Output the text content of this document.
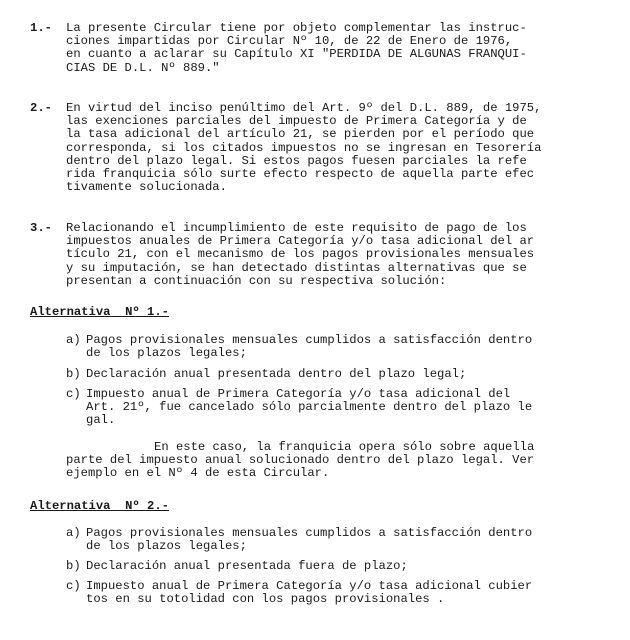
1.-	La presente Circular tiene por objeto complementar las instruc-
ciones impartidas por Circular Nº 10, de 22 de Enero de 1976,
en cuanto a aclarar su Capítulo XI "PERDIDA DE ALGUNAS FRANQUI-
CIAS DE D.L. Nº 889."
2.-	En virtud del inciso penúltimo del Art. 9º del D.L. 889, de 1975,
las exenciones parciales del impuesto de Primera Categoría y de
la tasa adicional del artículo 21, se pierden por el período que
corresponda, si los citados impuestos no se ingresan en Tesorería
dentro del plazo legal. Si estos pagos fuesen parciales la refe
rida franquicia sólo surte efecto respecto de aquella parte efec
tivamente solucionada.
3.-	Relacionando el incumplimiento de este requisito de pago de los
impuestos anuales de Primera Categoría y/o tasa adicional del ar
tículo 21, con el mecanismo de los pagos provisionales mensuales
y su imputación, se han detectado distintas alternativas que se
presentan a continuación con su respectiva solución:
Alternativa  Nº 1.-
a) Pagos provisionales mensuales cumplidos a satisfacción dentro
de los plazos legales;
b) Declaración anual presentada dentro del plazo legal;
c) Impuesto anual de Primera Categoría y/o tasa adicional del
Art. 21º, fue cancelado sólo parcialmente dentro del plazo le
gal.
En este caso, la franquicia opera sólo sobre aquella
parte del impuesto anual solucionado dentro del plazo legal. Ver
ejemplo en el Nº 4 de esta Circular.
Alternativa  Nº 2.-
a) Pagos provisionales mensuales cumplidos a satisfacción dentro
de los plazos legales;
b) Declaración anual presentada fuera de plazo;
c) Impuesto anual de Primera Categoría y/o tasa adicional cubier
tos en su totolidad con los pagos provisionales .
